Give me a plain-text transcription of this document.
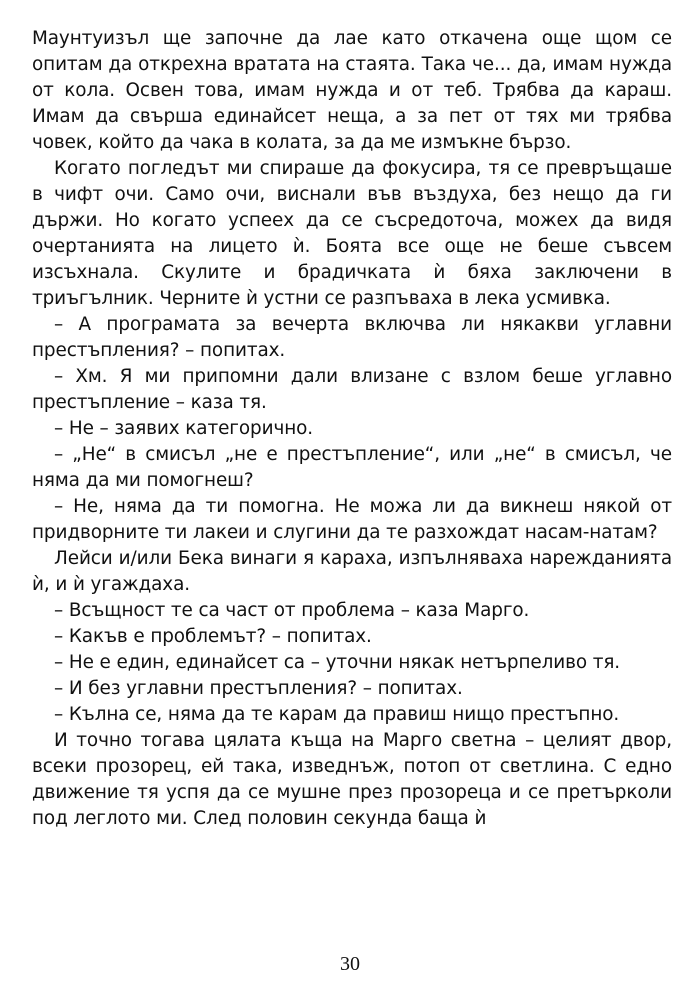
Маунтуизъл ще започне да лае като откачена още щом се опитам да открехна вратата на стаята. Така че... да, имам нужда от кола. Освен това, имам нужда и от теб. Трябва да караш. Имам да свърша единайсет неща, а за пет от тях ми трябва човек, който да чака в колата, за да ме измъкне бързо.

Когато погледът ми спираше да фокусира, тя се превръщаше в чифт очи. Само очи, виснали във въздуха, без нещо да ги държи. Но когато успеех да се съсредоточа, можех да видя очертанията на лицето ѝ. Боята все още не беше съвсем изсъхнала. Скулите и брадичката ѝ бяха заключени в триъгълник. Черните ѝ устни се разпъваха в лека усмивка.

– А програмата за вечерта включва ли някакви углавни престъпления? – попитах.

– Хм. Я ми припомни дали влизане с взлом беше углавно престъпление – каза тя.

– Не – заявих категорично.

– „Не“ в смисъл „не е престъпление“, или „не“ в смисъл, че няма да ми помогнеш?

– Не, няма да ти помогна. Не можа ли да викнеш някой от придворните ти лакеи и слугини да те разхождат насам-натам?

Лейси и/или Бека винаги я караха, изпълняваха нарежданията ѝ, и ѝ угаждаха.

– Всъщност те са част от проблема – каза Марго.

– Какъв е проблемът? – попитах.

– Не е един, единайсет са – уточни някак нетърпеливо тя.

– И без углавни престъпления? – попитах.

– Кълна се, няма да те карам да правиш нищо престъпно.

И точно тогава цялата къща на Марго светна – целият двор, всеки прозорец, ей така, изведнъж, потоп от светлина. С едно движение тя успя да се мушне през прозореца и се претърколи под леглото ми. След половин секунда баща ѝ

30
